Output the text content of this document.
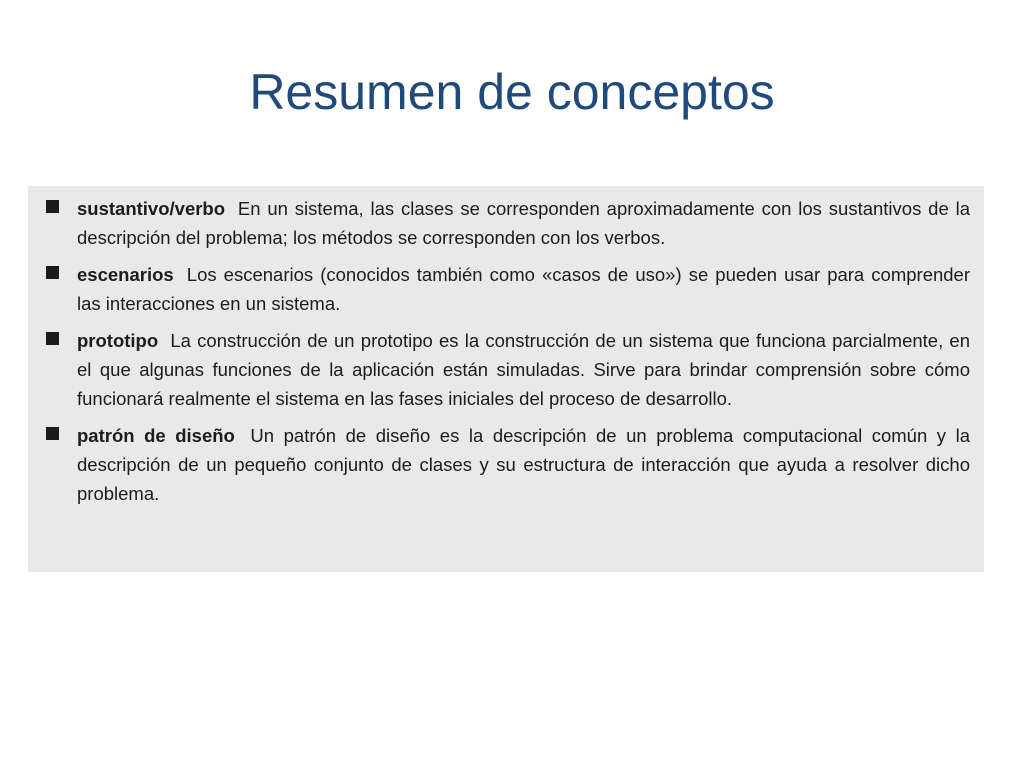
Resumen de conceptos
sustantivo/verbo En un sistema, las clases se corresponden aproximadamente con los sustantivos de la descripción del problema; los métodos se corresponden con los verbos.
escenarios Los escenarios (conocidos también como «casos de uso») se pueden usar para comprender las interacciones en un sistema.
prototipo La construcción de un prototipo es la construcción de un sistema que funciona parcialmente, en el que algunas funciones de la aplicación están simuladas. Sirve para brindar comprensión sobre cómo funcionará realmente el sistema en las fases iniciales del proceso de desarrollo.
patrón de diseño Un patrón de diseño es la descripción de un problema computacional común y la descripción de un pequeño conjunto de clases y su estructura de interacción que ayuda a resolver dicho problema.
